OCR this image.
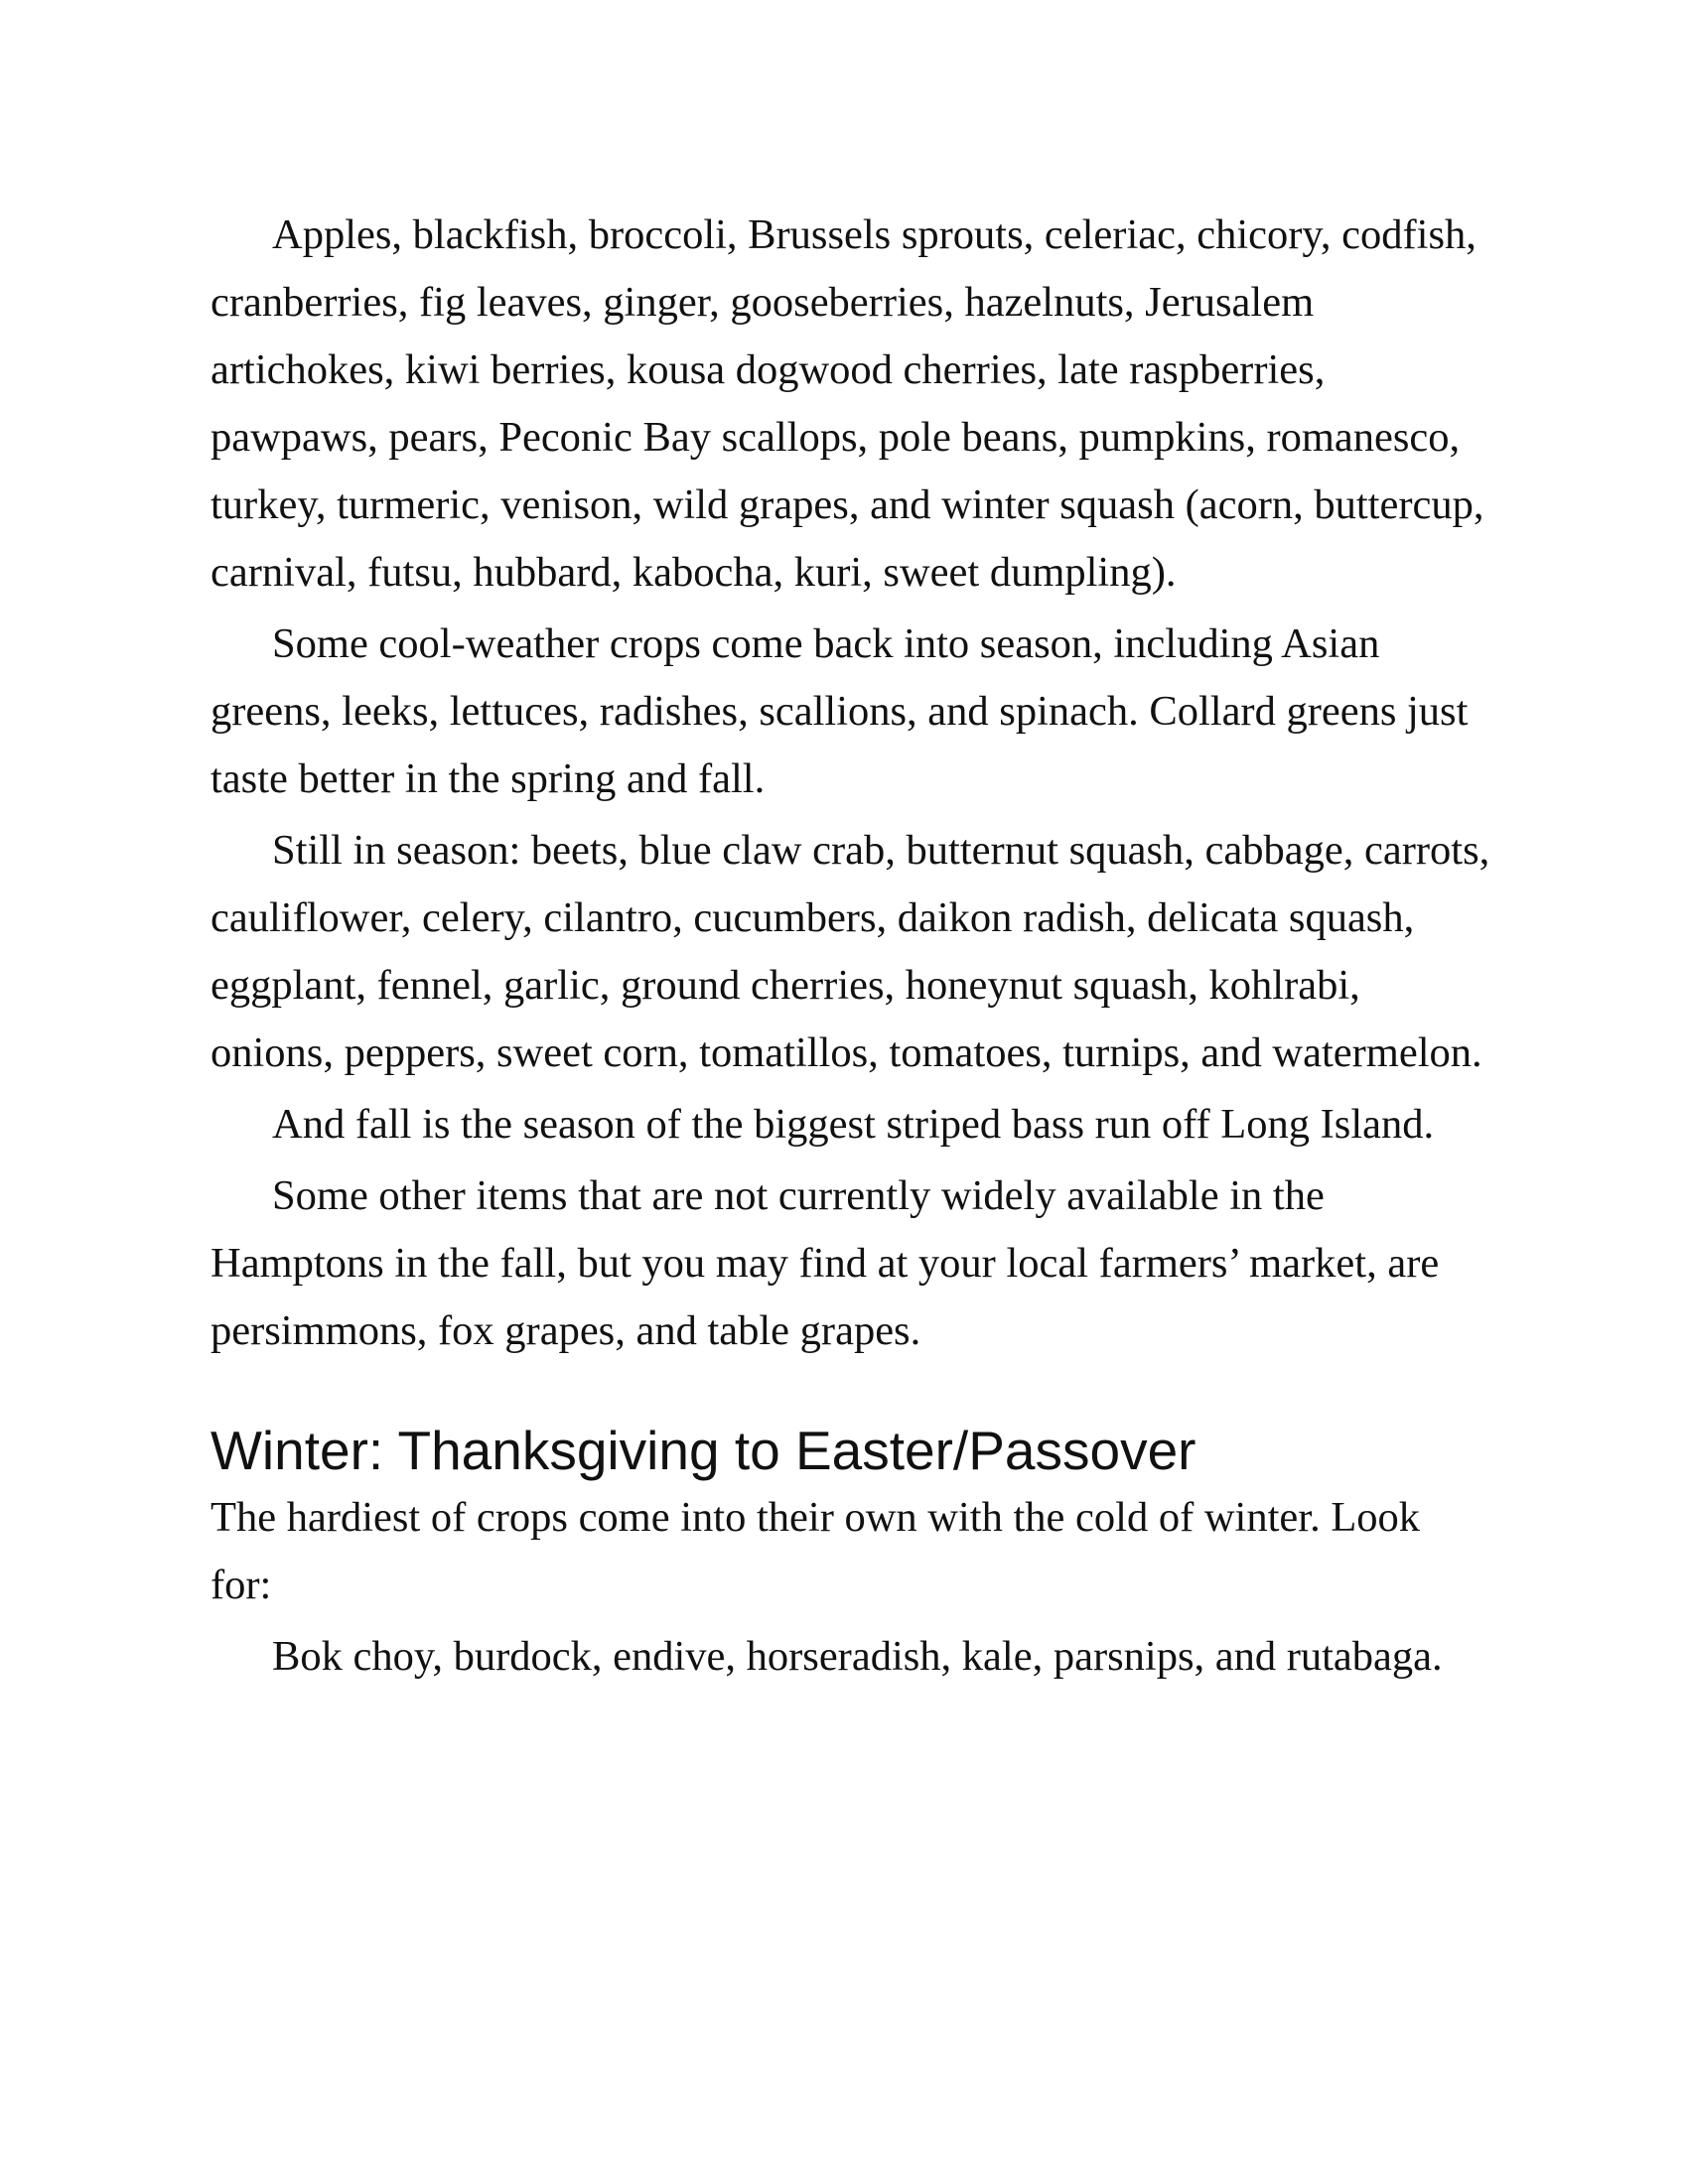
Apples, blackfish, broccoli, Brussels sprouts, celeriac, chicory, codfish, cranberries, fig leaves, ginger, gooseberries, hazelnuts, Jerusalem artichokes, kiwi berries, kousa dogwood cherries, late raspberries, pawpaws, pears, Peconic Bay scallops, pole beans, pumpkins, romanesco, turkey, turmeric, venison, wild grapes, and winter squash (acorn, buttercup, carnival, futsu, hubbard, kabocha, kuri, sweet dumpling).

Some cool-weather crops come back into season, including Asian greens, leeks, lettuces, radishes, scallions, and spinach. Collard greens just taste better in the spring and fall.

Still in season: beets, blue claw crab, butternut squash, cabbage, carrots, cauliflower, celery, cilantro, cucumbers, daikon radish, delicata squash, eggplant, fennel, garlic, ground cherries, honeynut squash, kohlrabi, onions, peppers, sweet corn, tomatillos, tomatoes, turnips, and watermelon.

And fall is the season of the biggest striped bass run off Long Island.

Some other items that are not currently widely available in the Hamptons in the fall, but you may find at your local farmers’ market, are persimmons, fox grapes, and table grapes.

Winter: Thanksgiving to Easter/Passover

The hardiest of crops come into their own with the cold of winter. Look for:

Bok choy, burdock, endive, horseradish, kale, parsnips, and rutabaga.
